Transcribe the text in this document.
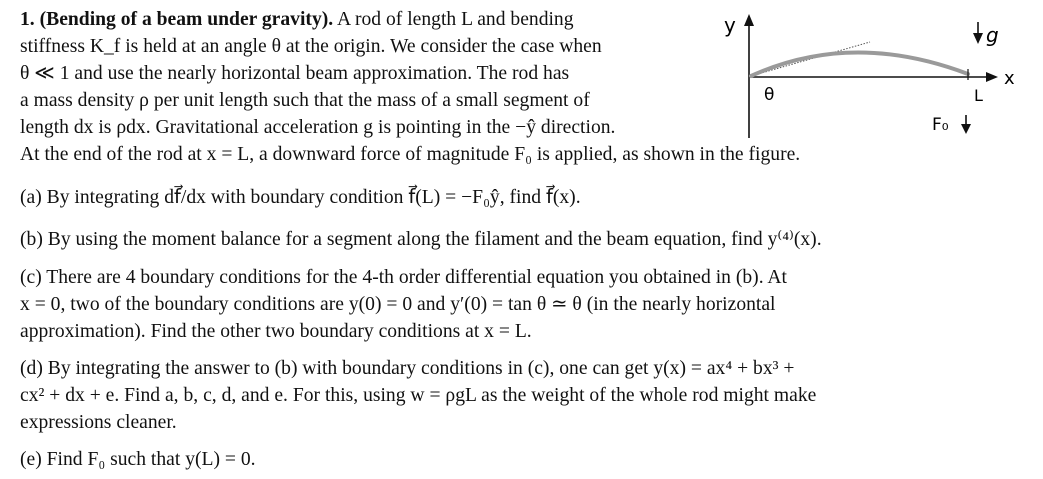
1. (Bending of a beam under gravity). A rod of length L and bending
stiffness K_f is held at an angle θ at the origin. We consider the case when
θ ≪ 1 and use the nearly horizontal beam approximation. The rod has
a mass density ρ per unit length such that the mass of a small segment of
length dx is ρdx. Gravitational acceleration g is pointing in the −ŷ direction.
At the end of the rod at x = L, a downward force of magnitude F₀ is applied, as shown in the figure.
y
x
θ	L
g
F₀
(a) By integrating df⃗/dx with boundary condition f⃗(L) = −F₀ŷ, find f⃗(x).
(b) By using the moment balance for a segment along the filament and the beam equation, find y⁽⁴⁾(x).
(c) There are 4 boundary conditions for the 4-th order differential equation you obtained in (b). At
x = 0, two of the boundary conditions are y(0) = 0 and y′(0) = tan θ ≃ θ (in the nearly horizontal
approximation). Find the other two boundary conditions at x = L.
(d) By integrating the answer to (b) with boundary conditions in (c), one can get y(x) = ax⁴ + bx³ +
cx² + dx + e. Find a, b, c, d, and e. For this, using w = ρgL as the weight of the whole rod might make
expressions cleaner.
(e) Find F₀ such that y(L) = 0.
